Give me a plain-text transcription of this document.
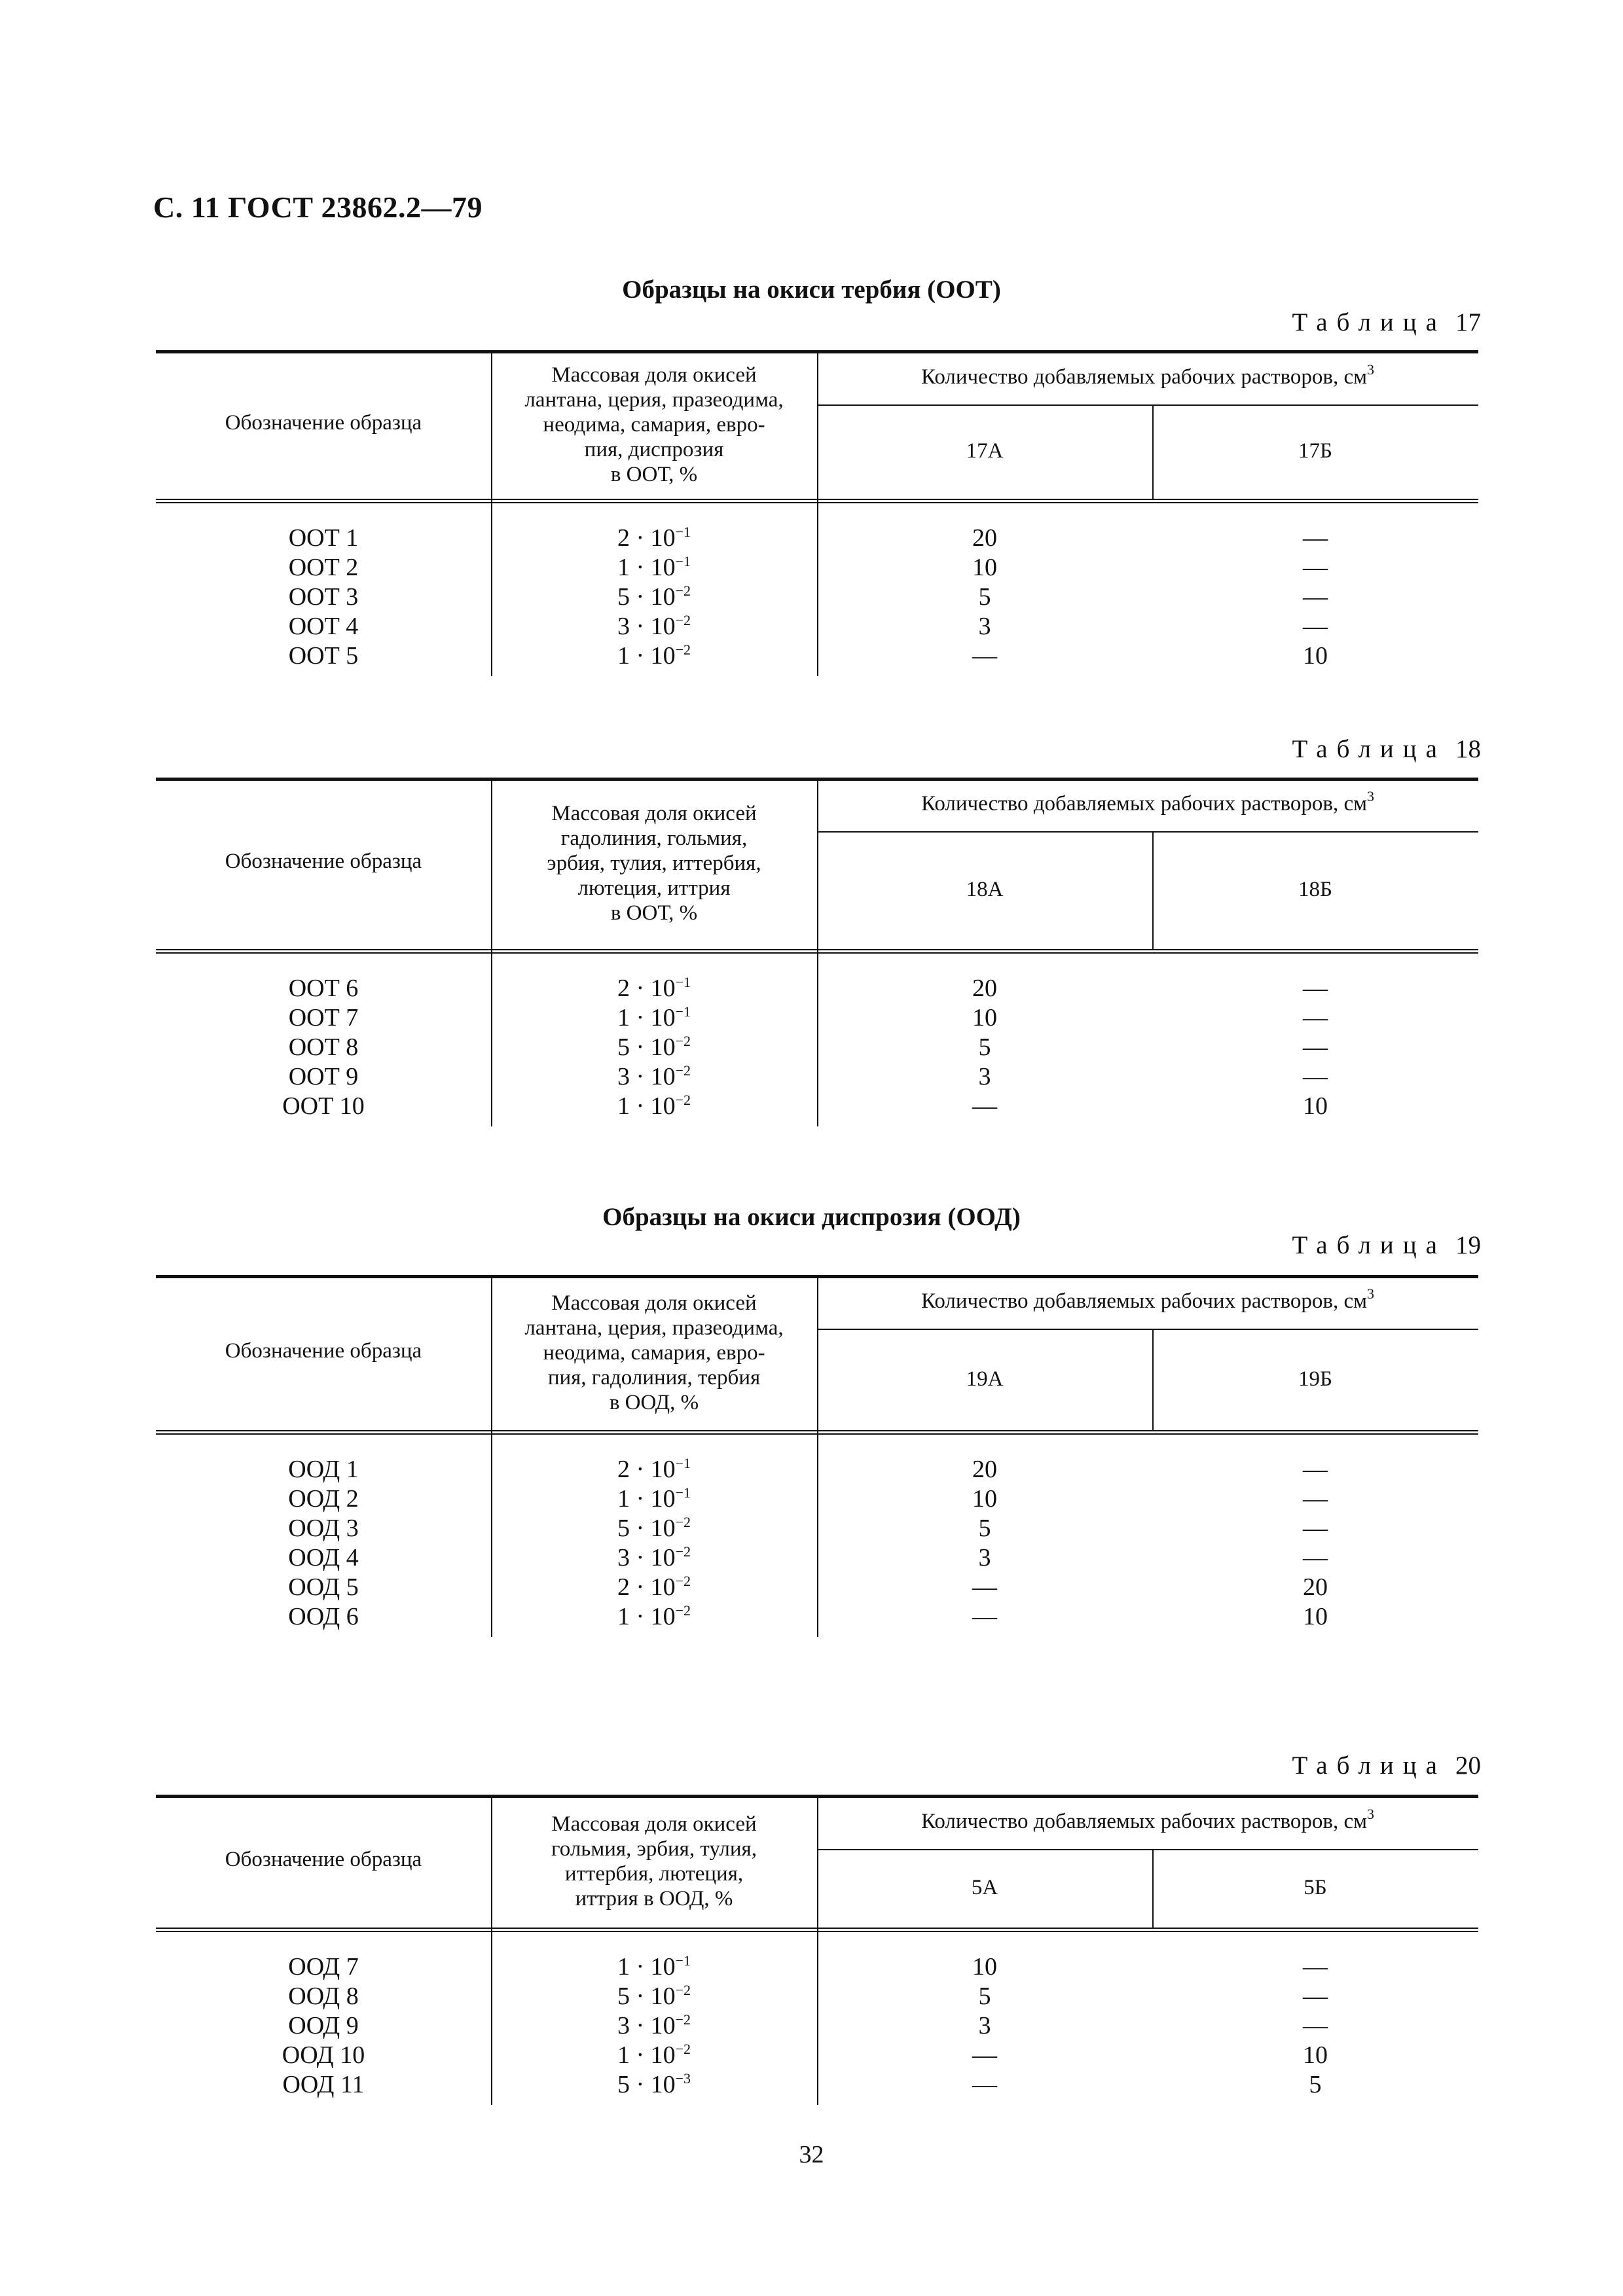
С. 11 ГОСТ 23862.2—79
Образцы на окиси тербия (ООТ)
Образцы на окиси диспрозия (ООД)
Таблица 17
Обозначение образца
Массовая доля окисей
лантана, церия, празеодима,
неодима, самария, евро-
пия, диспрозия
в ООТ, %
Количество добавляемых рабочих растворов, $см^3$
17А	17Б
ООТ 1	$2 \cdot 10^{-1}$	20	—
ООТ 2	$1 \cdot 10^{-1}$	10	—
ООТ 3	$5 \cdot 10^{-2}$	5	—
ООТ 4	$3 \cdot 10^{-2}$	3	—
ООТ 5	$1 \cdot 10^{-2}$	—	10
Таблица 18
Обозначение образца
Массовая доля окисей
гадолиния, гольмия,
эрбия, тулия, иттербия,
лютеция, иттрия
в ООТ, %
Количество добавляемых рабочих растворов, $см^3$
18А	18Б
ООТ 6	$2 \cdot 10^{-1}$	20	—
ООТ 7	$1 \cdot 10^{-1}$	10	—
ООТ 8	$5 \cdot 10^{-2}$	5	—
ООТ 9	$3 \cdot 10^{-2}$	3	—
ООТ 10	$1 \cdot 10^{-2}$	—	10
Таблица 19
Обозначение образца
Массовая доля окисей
лантана, церия, празеодима,
неодима, самария, евро-
пия, гадолиния, тербия
в ООД, %
Количество добавляемых рабочих растворов, $см^3$
19А	19Б
ООД 1	$2 \cdot 10^{-1}$	20	—
ООД 2	$1 \cdot 10^{-1}$	10	—
ООД 3	$5 \cdot 10^{-2}$	5	—
ООД 4	$3 \cdot 10^{-2}$	3	—
ООД 5	$2 \cdot 10^{-2}$	—	20
ООД 6	$1 \cdot 10^{-2}$	—	10
Таблица 20
Обозначение образца
Массовая доля окисей
гольмия, эрбия, тулия,
иттербия, лютеция,
иттрия в ООД, %
Количество добавляемых рабочих растворов, $см^3$
5А	5Б
ООД 7	$1 \cdot 10^{-1}$	10	—
ООД 8	$5 \cdot 10^{-2}$	5	—
ООД 9	$3 \cdot 10^{-2}$	3	—
ООД 10	$1 \cdot 10^{-2}$	—	10
ООД 11	$5 \cdot 10^{-3}$	—	5
32
